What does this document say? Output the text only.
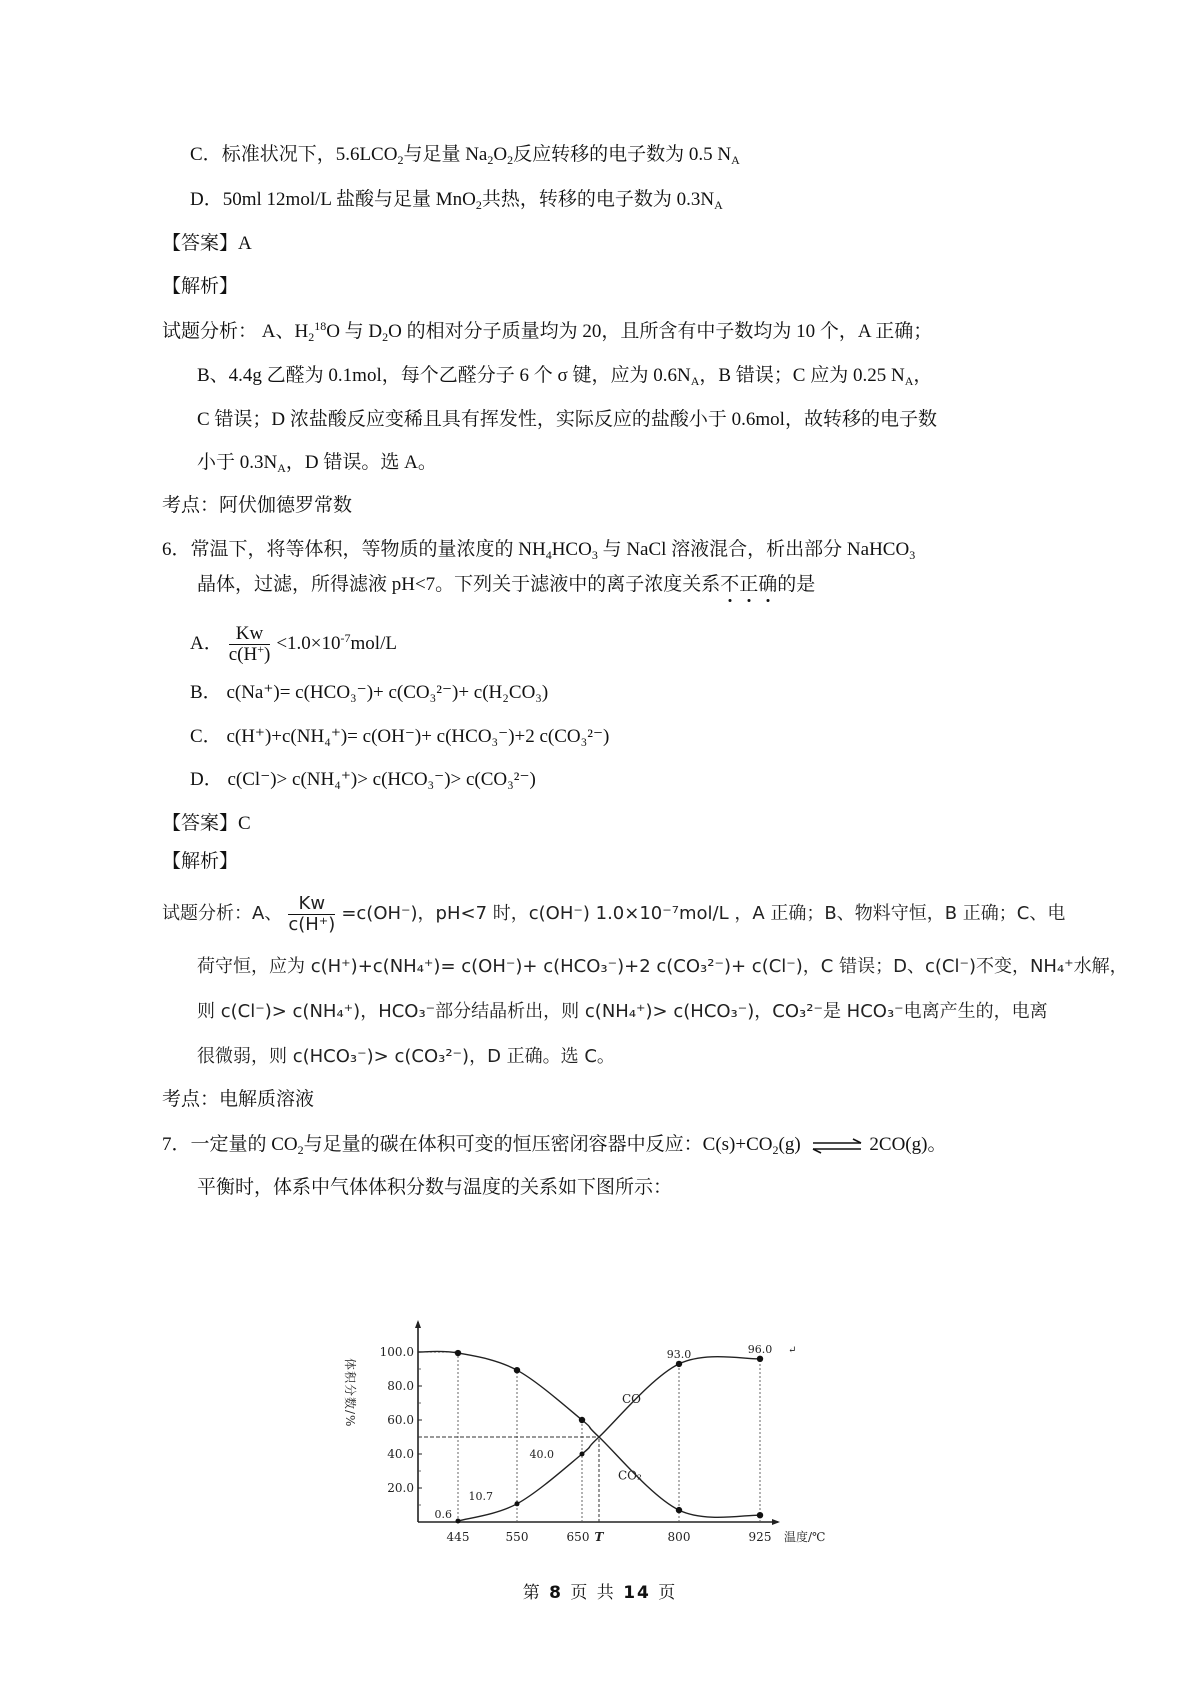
C．标准状况下，$5.6LCO_2$与足量 $Na_2O_2$反应转移的电子数为 0.5 $N_A$
D．50ml 12mol/L 盐酸与足量 MnO$_2$共热，转移的电子数为 $0.3N_A$
【答案】A
【解析】
试题分析： A、$H_2^{18}O$ 与 $D_2O$ 的相对分子质量均为 20，且所含有中子数均为 10 个，A 正确；
B、4.4g 乙醛为 0.1mol，每个乙醛分子 6 个 σ 键，应为 $0.6N_A$，B 错误；C 应为 0.25 $N_A$，
C 错误；D 浓盐酸反应变稀且具有挥发性，实际反应的盐酸小于 0.6mol，故转移的电子数
小于 $0.3N_A$，D 错误。选 A。
考点：阿伏伽德罗常数
6．常温下，将等体积，等物质的量浓度的 $NH_4HCO_3$ 与 NaCl 溶液混合，析出部分 NaHCO$_3$
晶体，过滤，所得滤液 pH<7。下列关于滤液中的离子浓度关系不
正
确
的是
A． $\frac{Kw}{c(H^+)} <1.0\times 10^{-7}mol/L$
B． c(Na⁺)= c(HCO₃⁻)+ c(CO₃²⁻)+ c(H₂CO₃)
C． c(H⁺)+c(NH₄⁺)= c(OH⁻)+ c(HCO₃⁻)+2 c(CO₃²⁻)
D． c(Cl⁻)> c(NH₄⁺)> c(HCO₃⁻)> c(CO₃²⁻)
【答案】C
【解析】
试题分析：A、 $\frac{Kw}{c(H^+)} =c(OH^-)$，pH<7 时，c(OH⁻) 1.0×10⁻⁷mol/L ，A 正确；B、物料守恒，B 正确；C、电
荷守恒，应为 c(H⁺)+c(NH₄⁺)= c(OH⁻)+ c(HCO₃⁻)+2 c(CO₃²⁻)+ c(Cl⁻)，C 错误；D、c(Cl⁻)不变，NH₄⁺水解，
则 c(Cl⁻)> c(NH₄⁺)，HCO₃⁻部分结晶析出，则 c(NH₄⁺)> c(HCO₃⁻)，CO₃²⁻是 HCO₃⁻电离产生的，电离
很微弱，则 c(HCO₃⁻)> c(CO₃²⁻)，D 正确。选 C。
考点：电解质溶液
7．一定量的 $CO_2$与足量的碳在体积可变的恒压密闭容器中反应：$C(s)+CO_2(g)$ ⇌ 2CO(g)。
平衡时，体系中气体体积分数与温度的关系如下图所示：
20.0
40.0
60.0
80.0
100.0
体积分数/%
445	550	650 T	800	925 温度/℃
CO
CO₂
0.6
10.7
40.0
93.0	96.0 ↵
第 8 页 共 14 页
